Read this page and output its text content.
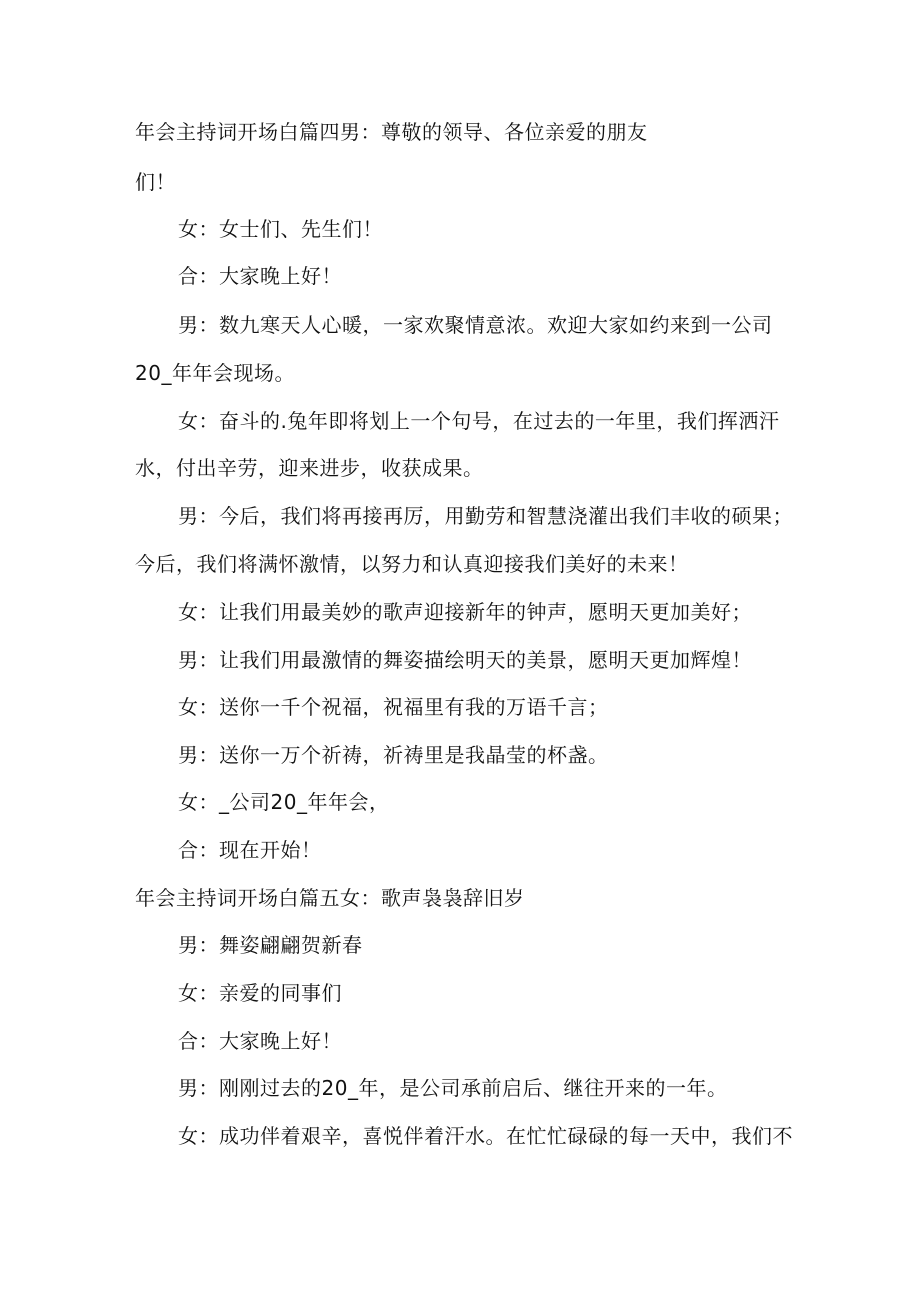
年会主持词开场白篇四男：尊敬的领导、各位亲爱的朋友
们！
女：女士们、先生们！
合：大家晚上好！
男：数九寒天人心暖，一家欢聚情意浓。欢迎大家如约来到一公司
20_年年会现场。
女：奋斗的.兔年即将划上一个句号，在过去的一年里，我们挥洒汗
水，付出辛劳，迎来进步，收获成果。
男：今后，我们将再接再厉，用勤劳和智慧浇灌出我们丰收的硕果；
今后，我们将满怀激情，以努力和认真迎接我们美好的未来！
女：让我们用最美妙的歌声迎接新年的钟声，愿明天更加美好；
男：让我们用最激情的舞姿描绘明天的美景，愿明天更加辉煌！
女：送你一千个祝福，祝福里有我的万语千言；
男：送你一万个祈祷，祈祷里是我晶莹的杯盏。
女：_公司20_年年会，
合：现在开始！
年会主持词开场白篇五女：歌声袅袅辞旧岁
男：舞姿翩翩贺新春
女：亲爱的同事们
合：大家晚上好！
男：刚刚过去的20_年，是公司承前启后、继往开来的一年。
女：成功伴着艰辛，喜悦伴着汗水。在忙忙碌碌的每一天中，我们不
